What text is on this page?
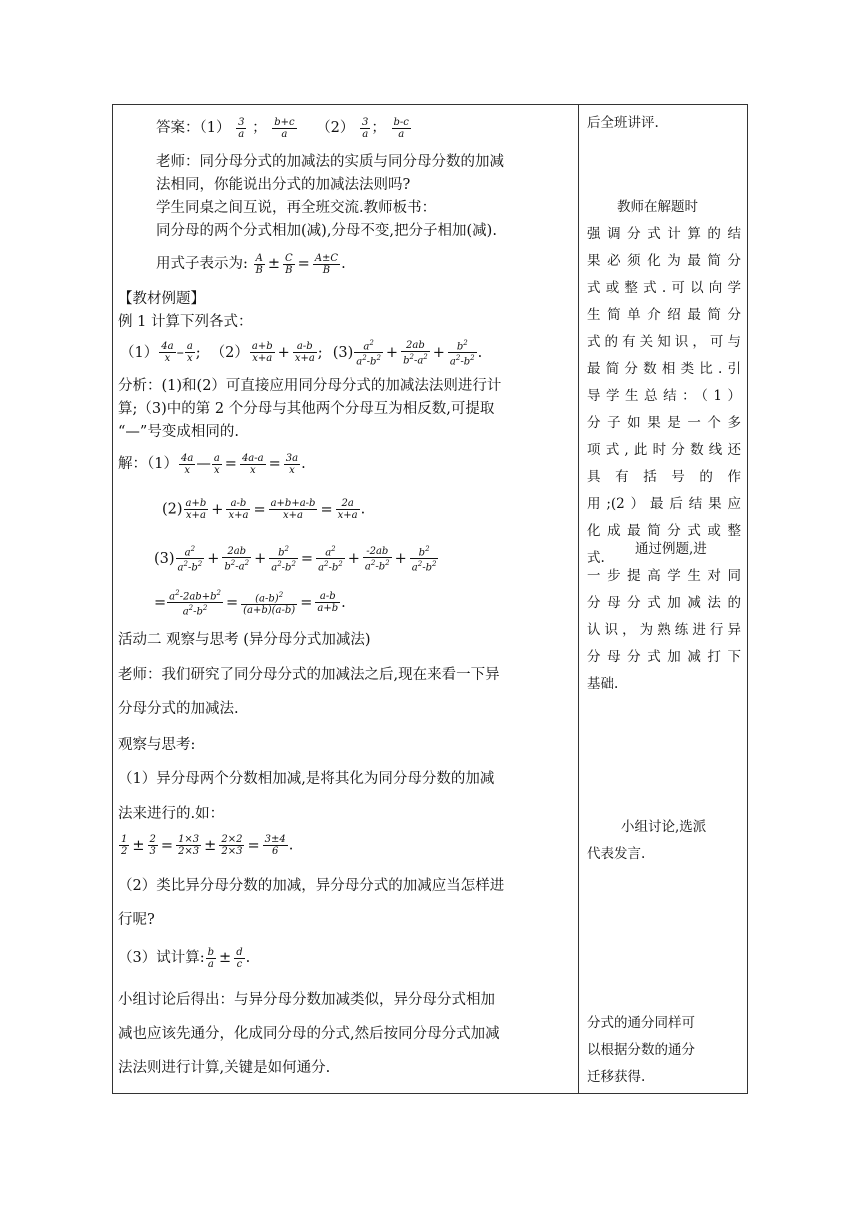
答案：$(1) \frac{3}{a}$ ； $\frac{b+c}{a} (2) \frac{3}{a}$ ； $\frac{b-c}{a}$
老师：同分母分式的加减法的实质与同分母分数的加减
法相同，你能说出分式的加减法法则吗?
学生同桌之间互说，再全班交流.教师板书：
同分母的两个分式相加(减),分母不变,把分子相加(减).
用式子表示为: $\frac{A}{B} \pm \frac{C}{B} = \frac{A\pm C}{B}$ .
【教材例题】
例 1 计算下列各式：
$(1) \frac{4a}{x} - \frac{a}{x}$ ; $(2) \frac{a+b}{x+a} + \frac{a-b}{x+a}$ ; $(3) \frac{a^2}{a^2-b^2} + \frac{2ab}{b^2-a^2} + \frac{b^2}{a^2-b^2}$ .
分析：(1)和(2）可直接应用同分母分式的加减法法则进行计
算;（3)中的第 2 个分母与其他两个分母互为相反数,可提取
“—”号变成相同的.
解：$(1) \frac{4a}{x}$ — $\frac{a}{x} = \frac{4a-a}{x} = \frac{3a}{x}$ .
$(2) \frac{a+b}{x+a} + \frac{a-b}{x+a} = \frac{a+b+a-b}{x+a} = \frac{2a}{x+a}$ .
$(3) \frac{a^2}{a^2-b^2} + \frac{2ab}{b^2-a^2} + \frac{b^2}{a^2-b^2} = \frac{a^2}{a^2-b^2} + \frac{-2ab}{a^2-b^2} + \frac{b^2}{a^2-b^2}$
= $\frac{a^2-2ab+b^2}{a^2-b^2} = \frac{(a-b)^2}{(a+b)(a-b)} = \frac{a-b}{a+b}$ .
活动二 观察与思考 (异分母分式加减法)
老师：我们研究了同分母分式的加减法之后,现在来看一下异
分母分式的加减法.
观察与思考:
（1）异分母两个分数相加减,是将其化为同分母分数的加减
法来进行的.如：
$\frac{1}{2} \pm \frac{2}{3} = \frac{1\times 3}{2\times 3} \pm \frac{2\times 2}{2\times 3} = \frac{3\pm 4}{6}$ .
（2）类比异分母分数的加减，异分母分式的加减应当怎样进
行呢?
（3）试计算: $\frac{b}{a} \pm \frac{d}{c}$ .
小组讨论后得出：与异分母分数加减类似，异分母分式相加
减也应该先通分，化成同分母的分式,然后按同分母分式加减
法法则进行计算,关键是如何通分.
后全班讲评.
教师在解题时
强调分式计算的结
果必须化为最简分
式或整式.可以向学
生简单介绍最简分
式的有关知识，可与
最简分数相类比.引
导学生总结：（1）
分子如果是一个多
项式,此时分数线还
具有括号的作
用;(2）最后结果应
化成最简分式或整
式.
通过例题,进
一步提高学生对同
分母分式加减法的
认识，为熟练进行异
分母分式加减打下
基础.
小组讨论,选派
代表发言.
分式的通分同样可
以根据分数的通分
迁移获得.
